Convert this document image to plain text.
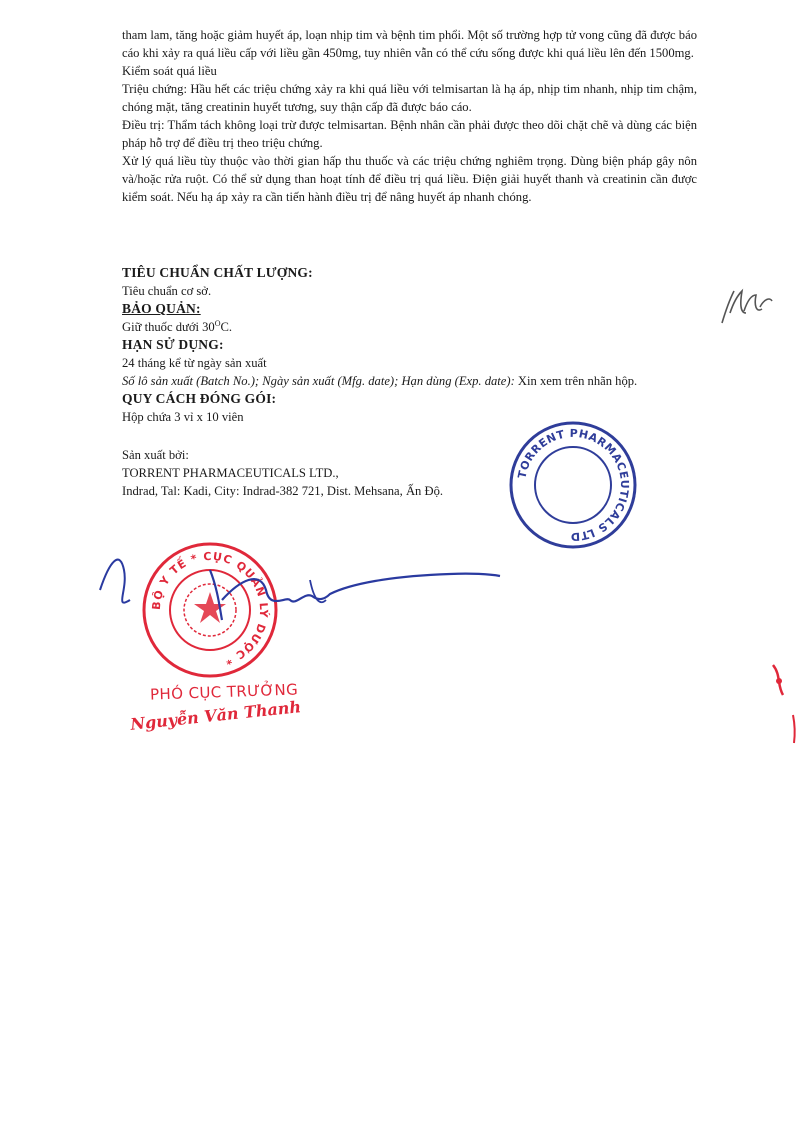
tham lam, tăng hoặc giảm huyết áp, loạn nhịp tim và bệnh tim phổi. Một số trường hợp tử vong cũng đã được báo cáo khi xảy ra quá liều cấp với liều gần 450mg, tuy nhiên vẫn có thể cứu sống được khi quá liều lên đến 1500mg.

Kiểm soát quá liều

Triệu chứng: Hầu hết các triệu chứng xảy ra khi quá liều với telmisartan là hạ áp, nhịp tim nhanh, nhịp tim chậm, chóng mặt, tăng creatinin huyết tương, suy thận cấp đã được báo cáo.

Điều trị: Thẩm tách không loại trừ được telmisartan. Bệnh nhân cần phải được theo dõi chặt chẽ và dùng các biện pháp hỗ trợ để điều trị theo triệu chứng.

Xử lý quá liều tùy thuộc vào thời gian hấp thu thuốc và các triệu chứng nghiêm trọng. Dùng biện pháp gây nôn và/hoặc rửa ruột. Có thể sử dụng than hoạt tính để điều trị quá liều. Điện giải huyết thanh và creatinin cần được kiểm soát. Nếu hạ áp xảy ra cần tiến hành điều trị để nâng huyết áp nhanh chóng.

TIÊU CHUẨN CHẤT LƯỢNG:

Tiêu chuẩn cơ sở.

BẢO QUẢN:

Giữ thuốc dưới $30^OC$.

HẠN SỬ DỤNG:

24 tháng kể từ ngày sản xuất

Số lô sản xuất (Batch No.); Ngày sản xuất (Mfg. date); Hạn dùng (Exp. date): Xin xem trên nhãn hộp.

QUY CÁCH ĐÓNG GÓI:

Hộp chứa 3 vỉ x 10 viên

Sản xuất bởi:

TORRENT PHARMACEUTICALS LTD.,

Indrad, Tal: Kadi, City: Indrad-382 721, Dist. Mehsana, Ấn Độ.

TORRENT PHARMACEUTICALS LTD
BỘ Y TẾ * CỤC QUẢN LÝ DƯỢC *
PHÓ CỤC TRƯỞNG
Nguyễn Văn Thanh
